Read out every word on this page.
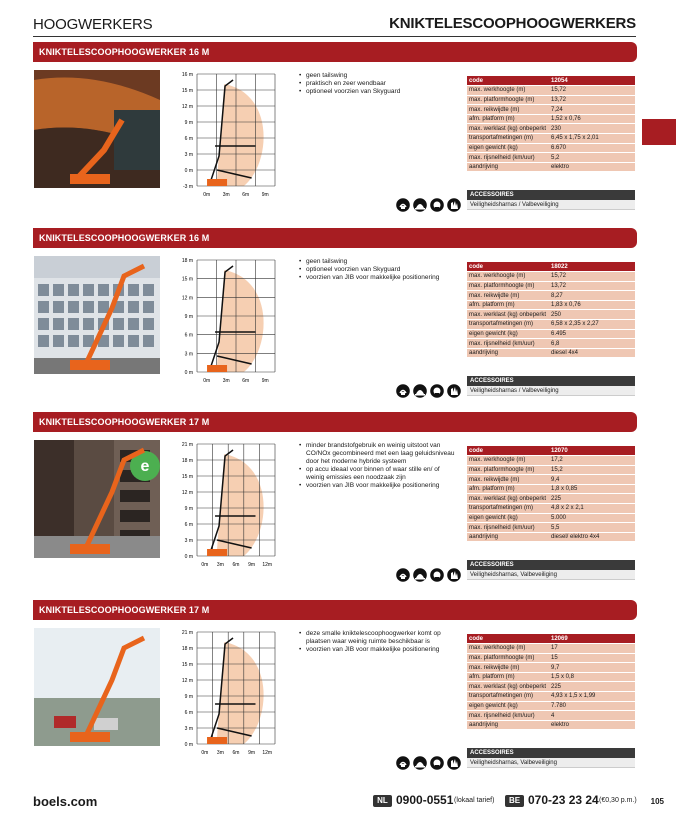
HOOGWERKERS	KNIKTELESCOOPHOOGWERKERS
KNIKTELESCOOPHOOGWERKER 16 M
16 m
15 m
12 m
9 m
6 m
3 m
0 m
-3 m
0m	3m	6m	9m
• geen tailswing
• praktisch en zeer wendbaar
• optioneel voorzien van Skyguard
code	12054
max. werkhoogte (m)	15,72
max. platformhoogte (m)	13,72
max. reikwijdte (m)	7,24
afm. platform (m)	1,52 x 0,76
max. werklast (kg) onbeperkt	230
transportafmetingen (m)	6,45 x 1,75 x 2,01
eigen gewicht (kg)	6.670
max. rijsnelheid (km/uur)	5,2
aandrijving	elektro
ACCESSOIRES
Veiligheidsharnas / Valbeveiliging
KNIKTELESCOOPHOOGWERKER 16 M
18 m
15 m
12 m
9 m
6 m
3 m
0 m
0m	3m	6m	9m
• geen tailswing
• optioneel voorzien van Skyguard
• voorzien van JIB voor makkelijke positionering
code	18022
max. werkhoogte (m)	15,72
max. platformhoogte (m)	13,72
max. reikwijdte (m)	8,27
afm. platform (m)	1,83 x 0,76
max. werklast (kg) onbeperkt	250
transportafmetingen (m)	6,58 x 2,35 x 2,27
eigen gewicht (kg)	6.495
max. rijsnelheid (km/uur)	6,8
aandrijving	diesel 4x4
ACCESSOIRES
Veiligheidsharnas / Valbeveiliging
KNIKTELESCOOPHOOGWERKER 17 M
e
21 m
18 m
15 m
12 m
9 m
6 m
3 m
0 m
0m 3m 6m 9m 12m
• minder brandstofgebruik en weinig uitstoot van CO/NOx gecombineerd met een laag geluidsniveau door het moderne hybride systeem
• op accu ideaal voor binnen of waar stille en/ of weinig emissies een noodzaak zijn
• voorzien van JIB voor makkelijke positionering
code	12070
max. werkhoogte (m)	17,2
max. platformhoogte (m)	15,2
max. reikwijdte (m)	9,4
afm. platform (m)	1,8 x 0,85
max. werklast (kg) onbeperkt	225
transportafmetingen (m)	4,8 x 2 x 2,1
eigen gewicht (kg)	5.000
max. rijsnelheid (km/uur)	5,5
aandrijving	diesel/ elektro 4x4
ACCESSOIRES
Veiligheidsharnas, Valbeveiliging
KNIKTELESCOOPHOOGWERKER 17 M
21 m
18 m
15 m
12 m
9 m
6 m
3 m
0 m
0m 3m 6m 9m 12m
• deze smalle kniktelescoophoogwerker komt op plaatsen waar weinig ruimte beschikbaar is
• voorzien van JIB voor makkelijke positionering
code	12069
max. werkhoogte (m)	17
max. platformhoogte (m)	15
max. reikwijdte (m)	9,7
afm. platform (m)	1,5 x 0,8
max. werklast (kg) onbeperkt	225
transportafmetingen (m)	4,93 x 1,5 x 1,99
eigen gewicht (kg)	7.780
max. rijsnelheid (km/uur)	4
aandrijving	elektro
ACCESSOIRES
Veiligheidsharnas, Valbeveiliging
boels.com	NL 0900-0551 (lokaal tarief)	BE 070-23 23 24 (€0,30 p.m.) 105
